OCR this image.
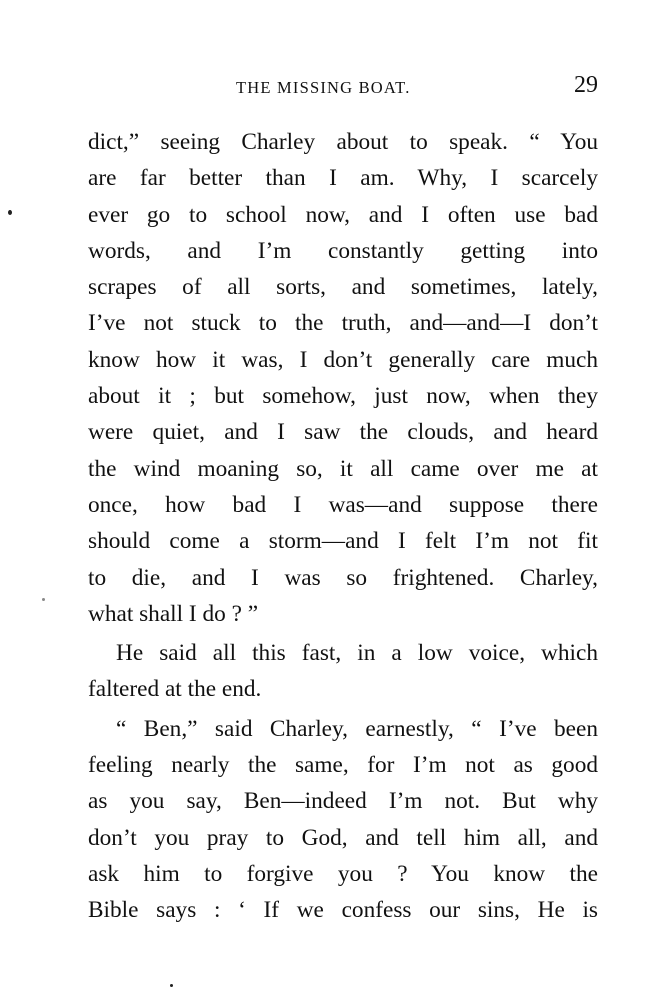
THE MISSING BOAT.	29
dict,” seeing Charley about to speak. “ You
are far better than I am. Why, I scarcely
ever go to school now, and I often use bad
words, and I’m constantly getting into
scrapes of all sorts, and sometimes, lately,
I’ve not stuck to the truth, and—and—I don’t
know how it was, I don’t generally care much
about it ; but somehow, just now, when they
were quiet, and I saw the clouds, and heard
the wind moaning so, it all came over me at
once, how bad I was—and suppose there
should come a storm—and I felt I’m not fit
to die, and I was so frightened. Charley,
what shall I do ? ”
He said all this fast, in a low voice, which
faltered at the end.
“ Ben,” said Charley, earnestly, “ I’ve been
feeling nearly the same, for I’m not as good
as you say, Ben—indeed I’m not. But why
don’t you pray to God, and tell him all, and
ask him to forgive you ? You know the
Bible says : ‘ If we confess our sins, He is
